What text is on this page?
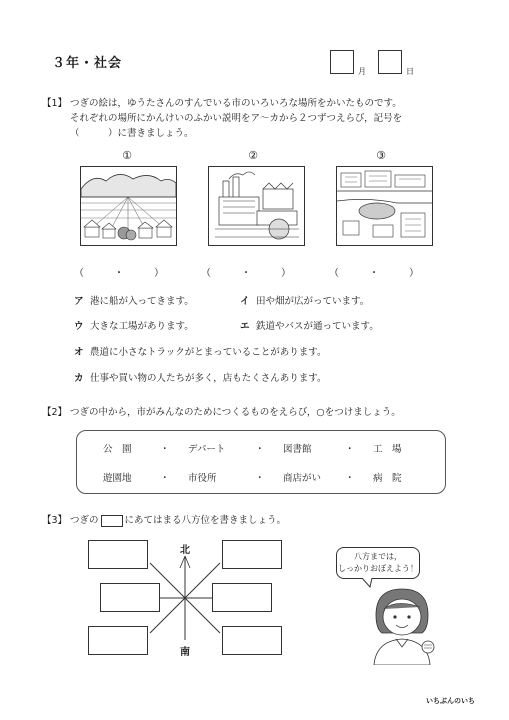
３年・社会
月	日
【1】 つぎの絵は，ゆうたさんのすんでいる市のいろいろな場所をかいたものです。
それぞれの場所にかんけいのふかい説明をア～カから２つずつえらび，記号を
（　　　）に書きましょう。
①	②	③
（　　　・　　　）	（　　　・　　　）	（　　　・　　　）
ア 港に船が入ってきます。	イ 田や畑が広がっています。
ウ 大きな工場があります。	エ 鉄道やバスが通っています。
オ 農道に小さなトラックがとまっていることがあります。
カ 仕事や買い物の人たちが多く，店もたくさんあります。
【2】 つぎの中から，市がみんなのためにつくるものをえらび，○をつけましょう。
公　園	・ デパート	・ 図書館	・ 工　場
遊園地	・ 市役所	・ 商店がい	・ 病　院
【3】 つぎの	にあてはまる八方位を書きましょう。
北
南
八方までは，
しっかりおぼえよう！
いちぶんのいち
